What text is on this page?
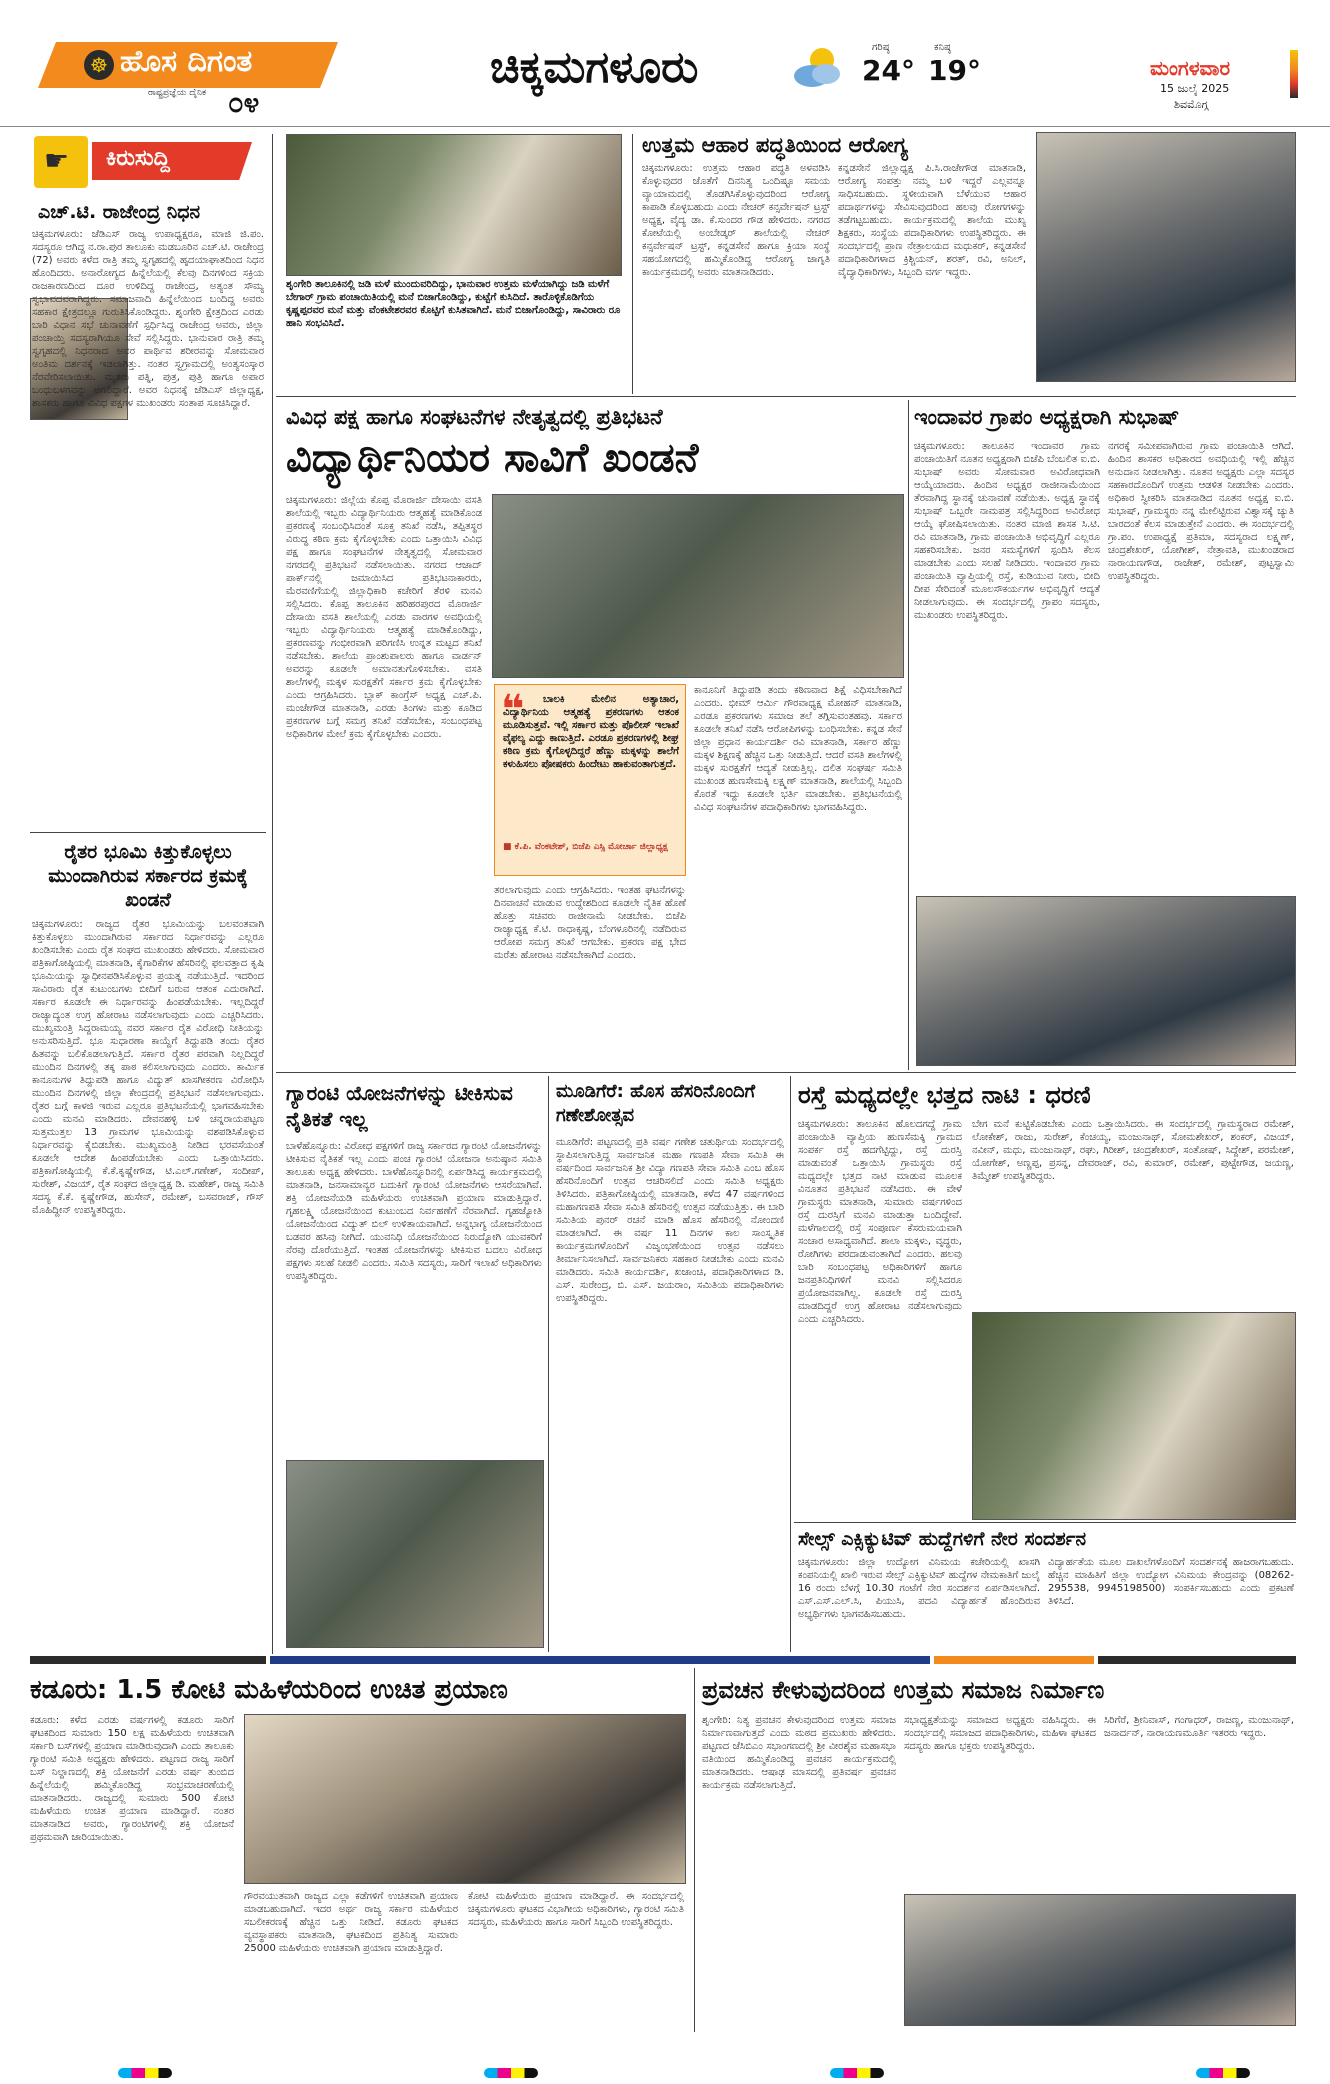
☸ ಹೊಸ ದಿಗಂತ
ರಾಷ್ಟ್ರಪ್ರಜ್ಞೆಯ ದೈನಿಕ ೦೪
ಚಿಕ್ಕಮಗಳೂರು	ಗರಿಷ್ಠ
24°
ಕನಿಷ್ಠ
19°	ಮಂಗಳವಾರ
15 ಜುಲೈ 2025
ಶಿವಮೊಗ್ಗ
☛ ಕಿರುಸುದ್ದಿ
ಎಚ್.ಟಿ. ರಾಜೇಂದ್ರ ನಿಧನ
ಚಿಕ್ಕಮಗಳೂರು: ಜೆಡಿಎಸ್ ರಾಜ್ಯ ಉಪಾಧ್ಯಕ್ಷರೂ, ಮಾಜಿ ಜಿ.ಪಂ. ಸದಸ್ಯರೂ ಆಗಿದ್ದ ನ.ರಾ.ಪುರ ತಾಲೂಕು ಮಡಬೂರಿನ ಎಚ್.ಟಿ. ರಾಜೇಂದ್ರ (72) ಅವರು ಕಳೆದ ರಾತ್ರಿ ತಮ್ಮ ಸ್ವಗೃಹದಲ್ಲಿ ಹೃದಯಾಘಾತದಿಂದ ನಿಧನ ಹೊಂದಿದರು. ಅನಾರೋಗ್ಯದ ಹಿನ್ನೆಲೆಯಲ್ಲಿ ಕೆಲವು ದಿನಗಳಿಂದ ಸಕ್ರಿಯ ರಾಜಕಾರಣದಿಂದ ದೂರ ಉಳಿದಿದ್ದ ರಾಜೇಂದ್ರ, ಅತ್ಯಂತ ಸೌಮ್ಯ ಸ್ವಭಾವದವರಾಗಿದ್ದರು. ಸಮಾಜವಾದಿ ಹಿನ್ನೆಲೆಯಿಂದ ಬಂದಿದ್ದ ಅವರು ಸಹಕಾರ ಕ್ಷೇತ್ರದಲ್ಲೂ ಗುರುತಿಸಿಕೊಂಡಿದ್ದರು. ಶೃಂಗೇರಿ ಕ್ಷೇತ್ರದಿಂದ ಎರಡು ಬಾರಿ ವಿಧಾನ ಸಭೆ ಚುನಾವಣೆಗೆ ಸ್ಪರ್ಧಿಸಿದ್ದ ರಾಜೇಂದ್ರ ಅವರು, ಜಿಲ್ಲಾ ಪಂಚಾಯ್ತಿ ಸದಸ್ಯರಾಗಿಯೂ ಸೇವೆ ಸಲ್ಲಿಸಿದ್ದರು. ಭಾನುವಾರ ರಾತ್ರಿ ತಮ್ಮ ಸ್ವಗೃಹದಲ್ಲಿ ನಿಧನರಾದ ಅವರ ಪಾರ್ಥಿವ ಶರೀರವನ್ನು ಸೋಮವಾರ ಅಂತಿಮ ದರ್ಶನಕ್ಕೆ ಇಡಲಾಗಿತ್ತು. ನಂತರ ಸ್ವಗ್ರಾಮದಲ್ಲಿ ಅಂತ್ಯಸಂಸ್ಕಾರ ನೆರವೇರಿಸಲಾಯಿತು. ಮೃತರು ಪತ್ನಿ, ಪುತ್ರ, ಪುತ್ರಿ ಹಾಗೂ ಅಪಾರ ಬಂಧುಬಳಗವನ್ನು ಅಗಲಿದ್ದಾರೆ. ಅವರ ನಿಧನಕ್ಕೆ ಜೆಡಿಎಸ್ ಜಿಲ್ಲಾಧ್ಯಕ್ಷ, ಶಾಸಕರು ಹಾಗೂ ವಿವಿಧ ಪಕ್ಷಗಳ ಮುಖಂಡರು ಸಂತಾಪ ಸೂಚಿಸಿದ್ದಾರೆ.
ರೈತರ ಭೂಮಿ ಕಿತ್ತುಕೊಳ್ಳಲು ಮುಂದಾಗಿರುವ ಸರ್ಕಾರದ ಕ್ರಮಕ್ಕೆ ಖಂಡನೆ
ಚಿಕ್ಕಮಗಳೂರು: ರಾಜ್ಯದ ರೈತರ ಭೂಮಿಯನ್ನು ಬಲವಂತವಾಗಿ ಕಿತ್ತುಕೊಳ್ಳಲು ಮುಂದಾಗಿರುವ ಸರ್ಕಾರದ ನಿರ್ಧಾರವನ್ನು ಎಲ್ಲರೂ ಖಂಡಿಸಬೇಕು ಎಂದು ರೈತ ಸಂಘದ ಮುಖಂಡರು ಹೇಳಿದರು. ಸೋಮವಾರ ಪತ್ರಿಕಾಗೋಷ್ಠಿಯಲ್ಲಿ ಮಾತನಾಡಿ, ಕೈಗಾರಿಕೆಗಳ ಹೆಸರಿನಲ್ಲಿ ಫಲವತ್ತಾದ ಕೃಷಿ ಭೂಮಿಯನ್ನು ಸ್ವಾಧೀನಪಡಿಸಿಕೊಳ್ಳುವ ಪ್ರಯತ್ನ ನಡೆಯುತ್ತಿದೆ. ಇದರಿಂದ ಸಾವಿರಾರು ರೈತ ಕುಟುಂಬಗಳು ಬೀದಿಗೆ ಬರುವ ಆತಂಕ ಎದುರಾಗಿದೆ. ಸರ್ಕಾರ ಕೂಡಲೇ ಈ ನಿರ್ಧಾರವನ್ನು ಹಿಂಪಡೆಯಬೇಕು. ಇಲ್ಲದಿದ್ದರೆ ರಾಜ್ಯಾದ್ಯಂತ ಉಗ್ರ ಹೋರಾಟ ನಡೆಸಲಾಗುವುದು ಎಂದು ಎಚ್ಚರಿಸಿದರು. ಮುಖ್ಯಮಂತ್ರಿ ಸಿದ್ದರಾಮಯ್ಯ ನವರ ಸರ್ಕಾರ ರೈತ ವಿರೋಧಿ ನೀತಿಯನ್ನು ಅನುಸರಿಸುತ್ತಿದೆ. ಭೂ ಸುಧಾರಣಾ ಕಾಯ್ದೆಗೆ ತಿದ್ದುಪಡಿ ತಂದು ರೈತರ ಹಿತವನ್ನು ಬಲಿಕೊಡಲಾಗುತ್ತಿದೆ. ಸರ್ಕಾರ ರೈತರ ಪರವಾಗಿ ನಿಲ್ಲದಿದ್ದರೆ ಮುಂದಿನ ದಿನಗಳಲ್ಲಿ ತಕ್ಕ ಪಾಠ ಕಲಿಸಲಾಗುವುದು ಎಂದರು. ಕಾರ್ಮಿಕ ಕಾನೂನುಗಳ ತಿದ್ದುಪಡಿ ಹಾಗೂ ವಿದ್ಯುತ್ ಖಾಸಗೀಕರಣ ವಿರೋಧಿಸಿ ಮುಂದಿನ ದಿನಗಳಲ್ಲಿ ಜಿಲ್ಲಾ ಕೇಂದ್ರದಲ್ಲಿ ಪ್ರತಿಭಟನೆ ನಡೆಸಲಾಗುವುದು. ರೈತರ ಬಗ್ಗೆ ಕಾಳಜಿ ಇರುವ ಎಲ್ಲರೂ ಪ್ರತಿಭಟನೆಯಲ್ಲಿ ಭಾಗವಹಿಸಬೇಕು ಎಂದು ಮನವಿ ಮಾಡಿದರು. ದೇವನಹಳ್ಳಿ ಬಳಿ ಚನ್ನರಾಯಪಟ್ಟಣ ಸುತ್ತಮುತ್ತಲ 13 ಗ್ರಾಮಗಳ ಭೂಮಿಯನ್ನು ವಶಪಡಿಸಿಕೊಳ್ಳುವ ನಿರ್ಧಾರವನ್ನು ಕೈಬಿಡಬೇಕು. ಮುಖ್ಯಮಂತ್ರಿ ನೀಡಿದ ಭರವಸೆಯಂತೆ ಕೂಡಲೇ ಆದೇಶ ಹಿಂಪಡೆಯಬೇಕು ಎಂದು ಒತ್ತಾಯಿಸಿದರು. ಪತ್ರಿಕಾಗೋಷ್ಠಿಯಲ್ಲಿ ಕೆ.ಕೆ.ಕೃಷ್ಣೇಗೌಡ, ಟಿ.ಎಲ್.ಗಣೇಶ್, ಸಂದೀಪ್, ಸುರೇಶ್, ವಿಜಯ್, ರೈತ ಸಂಘದ ಜಿಲ್ಲಾಧ್ಯಕ್ಷ ಡಿ. ಮಹೇಶ್, ರಾಜ್ಯ ಸಮಿತಿ ಸದಸ್ಯ ಕೆ.ಕೆ. ಕೃಷ್ಣೇಗೌಡ, ಹುಸೇನ್, ರಮೇಶ್, ಬಸವರಾಜ್, ಗೌಸ್ ಮೊಹಿದ್ದೀನ್ ಉಪಸ್ಥಿತರಿದ್ದರು.
ಶೃಂಗೇರಿ ತಾಲೂಕಿನಲ್ಲಿ ಜಡಿ ಮಳೆ ಮುಂದುವರಿದಿದ್ದು, ಭಾನುವಾರ ಉತ್ತಮ ಮಳೆಯಾಗಿದ್ದು ಜಡಿ ಮಳೆಗೆ ಬೇಗಾರ್ ಗ್ರಾಮ ಪಂಚಾಯಿತಿಯಲ್ಲಿ ಮನೆ ಬಿಜಾಗೊಂಡಿದ್ದು, ಕುಟ್ಟೆಗೆ ಕುಸಿದಿದೆ. ತಾರೊಳ್ಳಿಕೊಡಿಗೆಯ ಕೃಷ್ಣಪ್ಪರವರ ಮನೆ ಮತ್ತು ವೆಂಕಟೇಶರವರ ಕೊಟ್ಟಿಗೆ ಕುಸಿತವಾಗಿದೆ. ಮನೆ ಬಿಜಾಗೊಂಡಿದ್ದು, ಸಾವಿರಾರು ರೂ ಹಾನಿ ಸಂಭವಿಸಿದೆ.
ಉತ್ತಮ ಆಹಾರ ಪದ್ಧತಿಯಿಂದ ಆರೋಗ್ಯ
ಚಿಕ್ಕಮಗಳೂರು: ಉತ್ತಮ ಆಹಾರ ಪದ್ಧತಿ ಅಳವಡಿಸಿ ಕೊಳ್ಳುವುದರ ಜೊತೆಗೆ ದಿನನಿತ್ಯ ಒಂದಿಷ್ಟೂ ಸಮಯ ವ್ಯಾಯಾಮದಲ್ಲಿ ತೊಡಗಿಸಿಕೊಳ್ಳುವುದರಿಂದ ಆರೋಗ್ಯ ಕಾಪಾಡಿ ಕೊಳ್ಳಬಹುದು ಎಂದು ನೇಚರ್ ಕನ್ಸರ್ವೇಷನ್ ಟ್ರಸ್ಟ್ ಅಧ್ಯಕ್ಷ, ವೈದ್ಯ ಡಾ. ಕೆ.ಸುಂದರ ಗೌಡ ಹೇಳಿದರು. ನಗರದ ಕೋಟೆಯಲ್ಲಿ ಅಂಬೇಡ್ಕರ್ ಶಾಲೆಯಲ್ಲಿ ನೇಚರ್ ಕನ್ಸರ್ವೇಷನ್ ಟ್ರಸ್ಟ್, ಕನ್ನಡಸೇನೆ ಹಾಗೂ ಕ್ರಿಯಾ ಸಂಸ್ಥೆ ಸಹಯೋಗದಲ್ಲಿ ಹಮ್ಮಿಕೊಂಡಿದ್ದ ಆರೋಗ್ಯ ಜಾಗೃತಿ ಕಾರ್ಯಕ್ರಮದಲ್ಲಿ ಅವರು ಮಾತನಾಡಿದರು.
ಕನ್ನಡಸೇನೆ ಜಿಲ್ಲಾಧ್ಯಕ್ಷ ಪಿ.ಸಿ.ರಾಜೇಗೌಡ ಮಾತನಾಡಿ, ಆರೋಗ್ಯ ಸಂಪತ್ತು ನಮ್ಮ ಬಳಿ ಇದ್ದರೆ ಎಲ್ಲವನ್ನೂ ಸಾಧಿಸಬಹುದು. ಸ್ಥಳೀಯವಾಗಿ ಬೆಳೆಯುವ ಆಹಾರ ಪದಾರ್ಥಗಳನ್ನು ಸೇವಿಸುವುದರಿಂದ ಹಲವು ರೋಗಗಳನ್ನು ತಡೆಗಟ್ಟಬಹುದು. ಕಾರ್ಯಕ್ರಮದಲ್ಲಿ ಶಾಲೆಯ ಮುಖ್ಯ ಶಿಕ್ಷಕರು, ಸಂಸ್ಥೆಯ ಪದಾಧಿಕಾರಿಗಳು ಉಪಸ್ಥಿತರಿದ್ದರು. ಈ ಸಂದರ್ಭದಲ್ಲಿ ಪ್ರಾಣ ನೇತ್ರಾಲಯದ ಮಧುಕರ್, ಕನ್ನಡಸೇನೆ ಪದಾಧಿಕಾರಿಗಳಾದ ಕ್ರಿಶ್ಚಿಯನ್, ಶರತ್, ರವಿ, ಅನಿಲ್, ವೈದ್ಯಾಧಿಕಾರಿಗಳು, ಸಿಬ್ಬಂದಿ ವರ್ಗ ಇದ್ದರು.
ವಿವಿಧ ಪಕ್ಷ ಹಾಗೂ ಸಂಘಟನೆಗಳ ನೇತೃತ್ವದಲ್ಲಿ ಪ್ರತಿಭಟನೆ
ವಿದ್ಯಾರ್ಥಿನಿಯರ ಸಾವಿಗೆ ಖಂಡನೆ
ಚಿಕ್ಕಮಗಳೂರು: ಜಿಲ್ಲೆಯ ಕೊಪ್ಪ ಮೊರಾರ್ಜಿ ದೇಸಾಯಿ ವಸತಿ ಶಾಲೆಯಲ್ಲಿ ಇಬ್ಬರು ವಿದ್ಯಾರ್ಥಿನಿಯರು ಆತ್ಮಹತ್ಯೆ ಮಾಡಿಕೊಂಡ ಪ್ರಕರಣಕ್ಕೆ ಸಂಬಂಧಿಸಿದಂತೆ ಸೂಕ್ತ ತನಿಖೆ ನಡೆಸಿ, ತಪ್ಪಿತಸ್ಥರ ವಿರುದ್ಧ ಕಠಿಣ ಕ್ರಮ ಕೈಗೊಳ್ಳಬೇಕು ಎಂದು ಒತ್ತಾಯಿಸಿ ವಿವಿಧ ಪಕ್ಷ ಹಾಗೂ ಸಂಘಟನೆಗಳ ನೇತೃತ್ವದಲ್ಲಿ ಸೋಮವಾರ ನಗರದಲ್ಲಿ ಪ್ರತಿಭಟನೆ ನಡೆಸಲಾಯಿತು. ನಗರದ ಆಜಾದ್ ಪಾರ್ಕ್‌ನಲ್ಲಿ ಜಮಾಯಿಸಿದ ಪ್ರತಿಭಟನಾಕಾರರು, ಮೆರವಣಿಗೆಯಲ್ಲಿ ಜಿಲ್ಲಾಧಿಕಾರಿ ಕಚೇರಿಗೆ ತೆರಳಿ ಮನವಿ ಸಲ್ಲಿಸಿದರು. ಕೊಪ್ಪ ತಾಲೂಕಿನ ಹರಿಹರಪುರದ ಮೊರಾರ್ಜಿ ದೇಸಾಯಿ ವಸತಿ ಶಾಲೆಯಲ್ಲಿ ಎರಡು ವಾರಗಳ ಅವಧಿಯಲ್ಲಿ ಇಬ್ಬರು ವಿದ್ಯಾರ್ಥಿನಿಯರು ಆತ್ಮಹತ್ಯೆ ಮಾಡಿಕೊಂಡಿದ್ದು, ಪ್ರಕರಣವನ್ನು ಗಂಭೀರವಾಗಿ ಪರಿಗಣಿಸಿ ಉನ್ನತ ಮಟ್ಟದ ತನಿಖೆ ನಡೆಸಬೇಕು. ಶಾಲೆಯ ಪ್ರಾಂಶುಪಾಲರು ಹಾಗೂ ವಾರ್ಡನ್ ಅವರನ್ನು ಕೂಡಲೇ ಅಮಾನತುಗೊಳಿಸಬೇಕು. ವಸತಿ ಶಾಲೆಗಳಲ್ಲಿ ಮಕ್ಕಳ ಸುರಕ್ಷತೆಗೆ ಸರ್ಕಾರ ಕ್ರಮ ಕೈಗೊಳ್ಳಬೇಕು ಎಂದು ಆಗ್ರಹಿಸಿದರು. ಬ್ಲಾಕ್ ಕಾಂಗ್ರೆಸ್ ಅಧ್ಯಕ್ಷ ಎಚ್.ಪಿ. ಮಂಜೇಗೌಡ ಮಾತನಾಡಿ, ಎರಡು ತಿಂಗಳು ಮತ್ತು ಕೂಡಿದ ಪ್ರಕರಣಗಳ ಬಗ್ಗೆ ಸಮಗ್ರ ತನಿಖೆ ನಡೆಸಬೇಕು, ಸಂಬಂಧಪಟ್ಟ ಅಧಿಕಾರಿಗಳ ಮೇಲೆ ಕ್ರಮ ಕೈಗೊಳ್ಳಬೇಕು ಎಂದರು.
❝	ಬಾಲಕಿ ಮೇಲಿನ ಅತ್ಯಾಚಾರ, ವಿದ್ಯಾರ್ಥಿನಿಯ ಆತ್ಮಹತ್ಯೆ ಪ್ರಕರಣಗಳು ಆತಂಕ ಮೂಡಿಸುತ್ತವೆ. ಇಲ್ಲಿ ಸರ್ಕಾರ ಮತ್ತು ಪೊಲೀಸ್ ಇಲಾಖೆ ವೈಫಲ್ಯ ಎದ್ದು ಕಾಣುತ್ತಿದೆ. ಎರಡೂ ಪ್ರಕರಣಗಳಲ್ಲಿ ಶೀಘ್ರ ಕಠಿಣ ಕ್ರಮ ಕೈಗೊಳ್ಳದಿದ್ದರೆ ಹೆಣ್ಣು ಮಕ್ಕಳನ್ನು ಶಾಲೆಗೆ ಕಳುಹಿಸಲು ಪೋಷಕರು ಹಿಂದೇಟು ಹಾಕುವಂತಾಗುತ್ತದೆ.
■ ಕೆ.ಪಿ. ವೆಂಕಟೇಶ್, ಬಿಜೆಪಿ ಎಸ್ಸಿ ಮೋರ್ಚಾ ಜಿಲ್ಲಾಧ್ಯಕ್ಷ
ಕಾನೂನಿಗೆ ತಿದ್ದುಪಡಿ ತಂದು ಕಠಿಣವಾದ ಶಿಕ್ಷೆ ವಿಧಿಸಬೇಕಾಗಿದೆ ಎಂದರು. ಭೀಮ್ ಆರ್ಮಿ ಗೌರವಾಧ್ಯಕ್ಷ ಮೋಹನ್ ಮಾತನಾಡಿ, ಎರಡೂ ಪ್ರಕರಣಗಳು ಸಮಾಜ ತಲೆ ತಗ್ಗಿಸುವಂತಹವು. ಸರ್ಕಾರ ಕೂಡಲೇ ತನಿಖೆ ನಡೆಸಿ ಆರೋಪಿಗಳನ್ನು ಬಂಧಿಸಬೇಕು. ಕನ್ನಡ ಸೇನೆ ಜಿಲ್ಲಾ ಪ್ರಧಾನ ಕಾರ್ಯದರ್ಶಿ ರವಿ ಮಾತನಾಡಿ, ಸರ್ಕಾರ ಹೆಣ್ಣು ಮಕ್ಕಳ ಶಿಕ್ಷಣಕ್ಕೆ ಹೆಚ್ಚಿನ ಒತ್ತು ನೀಡುತ್ತಿದೆ. ಆದರೆ ವಸತಿ ಶಾಲೆಗಳಲ್ಲಿ ಮಕ್ಕಳ ಸುರಕ್ಷತೆಗೆ ಆದ್ಯತೆ ನೀಡುತ್ತಿಲ್ಲ. ದಲಿತ ಸಂಘರ್ಷ ಸಮಿತಿ ಮುಖಂಡ ಹುಣಸೇಮಕ್ಕಿ ಲಕ್ಷ್ಮಣ್ ಮಾತನಾಡಿ, ಶಾಲೆಯಲ್ಲಿ ಸಿಬ್ಬಂದಿ ಕೊರತೆ ಇದ್ದು ಕೂಡಲೇ ಭರ್ತಿ ಮಾಡಬೇಕು. ಪ್ರತಿಭಟನೆಯಲ್ಲಿ ವಿವಿಧ ಸಂಘಟನೆಗಳ ಪದಾಧಿಕಾರಿಗಳು ಭಾಗವಹಿಸಿದ್ದರು.
ತರಲಾಗುವುದು ಎಂದು ಆಗ್ರಹಿಸಿದರು. ಇಂತಹ ಘಟನೆಗಳನ್ನು ದಿನವಾಚನೆ ಮಾಡುವ ಉದ್ದೇಶದಿಂದ ಕೂಡಲೇ ನೈತಿಕ ಹೊಣೆ ಹೊತ್ತು ಸಚಿವರು ರಾಜೀನಾಮೆ ನೀಡಬೇಕು. ಬಿಜೆಪಿ ರಾಜ್ಯಾಧ್ಯಕ್ಷ ಕೆ.ಟಿ. ರಾಧಾಕೃಷ್ಣ, ಬೆಂಗಳೂರಿನಲ್ಲಿ ನಡೆದಿರುವ ಆರೋಪ ಸಮಗ್ರ ತನಿಖೆ ಆಗಬೇಕು. ಪ್ರಕರಣ ಪಕ್ಷ ಭೇದ ಮರೆತು ಹೋರಾಟ ನಡೆಸಬೇಕಾಗಿದೆ ಎಂದರು.
ಇಂದಾವರ ಗ್ರಾಪಂ ಅಧ್ಯಕ್ಷರಾಗಿ ಸುಭಾಷ್
ಚಿಕ್ಕಮಗಳೂರು: ತಾಲೂಕಿನ ಇಂದಾವರ ಗ್ರಾಮ ಪಂಚಾಯಿತಿಗೆ ನೂತನ ಅಧ್ಯಕ್ಷರಾಗಿ ಬಿಜೆಪಿ ಬೆಂಬಲಿತ ಐ.ಬಿ. ಸುಭಾಷ್ ಅವರು ಸೋಮವಾರ ಅವಿರೋಧವಾಗಿ ಆಯ್ಕೆಯಾದರು. ಹಿಂದಿನ ಅಧ್ಯಕ್ಷರ ರಾಜೀನಾಮೆಯಿಂದ ತೆರವಾಗಿದ್ದ ಸ್ಥಾನಕ್ಕೆ ಚುನಾವಣೆ ನಡೆಯಿತು. ಅಧ್ಯಕ್ಷ ಸ್ಥಾನಕ್ಕೆ ಸುಭಾಷ್ ಒಬ್ಬರೇ ನಾಮಪತ್ರ ಸಲ್ಲಿಸಿದ್ದರಿಂದ ಅವಿರೋಧ ಆಯ್ಕೆ ಘೋಷಿಸಲಾಯಿತು. ನಂತರ ಮಾಜಿ ಶಾಸಕ ಸಿ.ಟಿ. ರವಿ ಮಾತನಾಡಿ, ಗ್ರಾಮ ಪಂಚಾಯಿತಿ ಅಭಿವೃದ್ಧಿಗೆ ಎಲ್ಲರೂ ಸಹಕರಿಸಬೇಕು. ಜನರ ಸಮಸ್ಯೆಗಳಿಗೆ ಸ್ಪಂದಿಸಿ ಕೆಲಸ ಮಾಡಬೇಕು ಎಂದು ಸಲಹೆ ನೀಡಿದರು. ಇಂದಾವರ ಗ್ರಾಮ ಪಂಚಾಯಿತಿ ವ್ಯಾಪ್ತಿಯಲ್ಲಿ ರಸ್ತೆ, ಕುಡಿಯುವ ನೀರು, ಬೀದಿ ದೀಪ ಸೇರಿದಂತೆ ಮೂಲಸೌಕರ್ಯಗಳ ಅಭಿವೃದ್ಧಿಗೆ ಆದ್ಯತೆ ನೀಡಲಾಗುವುದು. ಈ ಸಂದರ್ಭದಲ್ಲಿ ಗ್ರಾಪಂ ಸದಸ್ಯರು, ಮುಖಂಡರು ಉಪಸ್ಥಿತರಿದ್ದರು.
ನಗರಕ್ಕೆ ಸಮೀಪವಾಗಿರುವ ಗ್ರಾಮ ಪಂಚಾಯಿತಿ ಆಗಿದೆ. ಹಿಂದಿನ ಶಾಸಕರ ಅಧಿಕಾರದ ಅವಧಿಯಲ್ಲಿ ಇಲ್ಲಿ ಹೆಚ್ಚಿನ ಅನುದಾನ ನೀಡಲಾಗಿತ್ತು. ನೂತನ ಅಧ್ಯಕ್ಷರು ಎಲ್ಲಾ ಸದಸ್ಯರ ಸಹಕಾರದೊಂದಿಗೆ ಉತ್ತಮ ಆಡಳಿತ ನೀಡಬೇಕು ಎಂದರು. ಅಧಿಕಾರ ಸ್ವೀಕರಿಸಿ ಮಾತನಾಡಿದ ನೂತನ ಅಧ್ಯಕ್ಷ ಐ.ಬಿ. ಸುಭಾಷ್, ಗ್ರಾಮಸ್ಥರು ನನ್ನ ಮೇಲಿಟ್ಟಿರುವ ವಿಶ್ವಾಸಕ್ಕೆ ಚ್ಯುತಿ ಬಾರದಂತೆ ಕೆಲಸ ಮಾಡುತ್ತೇನೆ ಎಂದರು. ಈ ಸಂದರ್ಭದಲ್ಲಿ ಗ್ರಾ.ಪಂ. ಉಪಾಧ್ಯಕ್ಷೆ ಪ್ರತಿಮಾ, ಸದಸ್ಯರಾದ ಲಕ್ಷ್ಮಣ್, ಚಂದ್ರಶೇಖರ್, ಯೋಗೀಶ್, ನೇತ್ರಾವತಿ, ಮುಖಂಡರಾದ ನಾರಾಯಣಗೌಡ, ರಾಜೇಶ್, ರಮೇಶ್, ಪುಟ್ಟಸ್ವಾಮಿ ಉಪಸ್ಥಿತರಿದ್ದರು.
ಗ್ಯಾರಂಟಿ ಯೋಜನೆಗಳನ್ನು ಟೀಕಿಸುವ ನೈತಿಕತೆ ಇಲ್ಲ
ಬಾಳೆಹೊನ್ನೂರು: ವಿರೋಧ ಪಕ್ಷಗಳಿಗೆ ರಾಜ್ಯ ಸರ್ಕಾರದ ಗ್ಯಾರಂಟಿ ಯೋಜನೆಗಳನ್ನು ಟೀಕಿಸುವ ನೈತಿಕತೆ ಇಲ್ಲ ಎಂದು ಪಂಚ ಗ್ಯಾರಂಟಿ ಯೋಜನಾ ಅನುಷ್ಠಾನ ಸಮಿತಿ ತಾಲೂಕು ಅಧ್ಯಕ್ಷ ಹೇಳಿದರು. ಬಾಳೆಹೊನ್ನೂರಿನಲ್ಲಿ ಏರ್ಪಡಿಸಿದ್ದ ಕಾರ್ಯಕ್ರಮದಲ್ಲಿ ಮಾತನಾಡಿ, ಜನಸಾಮಾನ್ಯರ ಬದುಕಿಗೆ ಗ್ಯಾರಂಟಿ ಯೋಜನೆಗಳು ಆಸರೆಯಾಗಿವೆ. ಶಕ್ತಿ ಯೋಜನೆಯಡಿ ಮಹಿಳೆಯರು ಉಚಿತವಾಗಿ ಪ್ರಯಾಣ ಮಾಡುತ್ತಿದ್ದಾರೆ. ಗೃಹಲಕ್ಷ್ಮಿ ಯೋಜನೆಯಿಂದ ಕುಟುಂಬದ ನಿರ್ವಹಣೆಗೆ ನೆರವಾಗಿದೆ. ಗೃಹಜ್ಯೋತಿ ಯೋಜನೆಯಿಂದ ವಿದ್ಯುತ್ ಬಿಲ್ ಉಳಿತಾಯವಾಗಿದೆ. ಅನ್ನಭಾಗ್ಯ ಯೋಜನೆಯಿಂದ ಬಡವರ ಹಸಿವು ನೀಗಿದೆ. ಯುವನಿಧಿ ಯೋಜನೆಯಿಂದ ನಿರುದ್ಯೋಗಿ ಯುವಕರಿಗೆ ನೆರವು ದೊರೆಯುತ್ತಿದೆ. ಇಂತಹ ಯೋಜನೆಗಳನ್ನು ಟೀಕಿಸುವ ಬದಲು ವಿರೋಧ ಪಕ್ಷಗಳು ಸಲಹೆ ನೀಡಲಿ ಎಂದರು. ಸಮಿತಿ ಸದಸ್ಯರು, ಸಾರಿಗೆ ಇಲಾಖೆ ಅಧಿಕಾರಿಗಳು ಉಪಸ್ಥಿತರಿದ್ದರು.
ಮೂಡಿಗೆರೆ: ಹೊಸ ಹೆಸರಿನೊಂದಿಗೆ ಗಣೇಶೋತ್ಸವ
ಮೂಡಿಗೆರೆ: ಪಟ್ಟಣದಲ್ಲಿ ಪ್ರತಿ ವರ್ಷ ಗಣೇಶ ಚತುರ್ಥಿಯ ಸಂದರ್ಭದಲ್ಲಿ ಸ್ಥಾಪಿಸಲಾಗುತ್ತಿದ್ದ ಸಾರ್ವಜನಿಕ ಮಹಾ ಗಣಪತಿ ಸೇವಾ ಸಮಿತಿ ಈ ವರ್ಷದಿಂದ ಸಾರ್ವಜನಿಕ ಶ್ರೀ ವಿದ್ಯಾ ಗಣಪತಿ ಸೇವಾ ಸಮಿತಿ ಎಂಬ ಹೊಸ ಹೆಸರಿನೊಂದಿಗೆ ಉತ್ಸವ ಆಚರಿಸಲಿದೆ ಎಂದು ಸಮಿತಿ ಅಧ್ಯಕ್ಷರು ತಿಳಿಸಿದರು. ಪತ್ರಿಕಾಗೋಷ್ಠಿಯಲ್ಲಿ ಮಾತನಾಡಿ, ಕಳೆದ 47 ವರ್ಷಗಳಿಂದ ಮಹಾಗಣಪತಿ ಸೇವಾ ಸಮಿತಿ ಹೆಸರಿನಲ್ಲಿ ಉತ್ಸವ ನಡೆಯುತ್ತಿತ್ತು. ಈ ಬಾರಿ ಸಮಿತಿಯ ಪುನರ್ ರಚನೆ ಮಾಡಿ ಹೊಸ ಹೆಸರಿನಲ್ಲಿ ನೋಂದಣಿ ಮಾಡಲಾಗಿದೆ. ಈ ವರ್ಷ 11 ದಿನಗಳ ಕಾಲ ಸಾಂಸ್ಕೃತಿಕ ಕಾರ್ಯಕ್ರಮಗಳೊಂದಿಗೆ ವಿಜೃಂಭಣೆಯಿಂದ ಉತ್ಸವ ನಡೆಸಲು ತೀರ್ಮಾನಿಸಲಾಗಿದೆ. ಸಾರ್ವಜನಿಕರು ಸಹಕಾರ ನೀಡಬೇಕು ಎಂದು ಮನವಿ ಮಾಡಿದರು. ಸಮಿತಿ ಕಾರ್ಯದರ್ಶಿ, ಖಜಾಂಚಿ, ಪದಾಧಿಕಾರಿಗಳಾದ ಡಿ. ಎಸ್. ಸುರೇಂದ್ರ, ಬಿ. ಎಸ್. ಜಯರಾಂ, ಸಮಿತಿಯ ಪದಾಧಿಕಾರಿಗಳು ಉಪಸ್ಥಿತರಿದ್ದರು.
ರಸ್ತೆ ಮಧ್ಯದಲ್ಲೇ ಭತ್ತದ ನಾಟಿ : ಧರಣಿ
ಚಿಕ್ಕಮಗಳೂರು: ತಾಲೂಕಿನ ಹೊಲದಗದ್ದೆ ಗ್ರಾಮ ಪಂಚಾಯಿತಿ ವ್ಯಾಪ್ತಿಯ ಹುಣಸೆಮಕ್ಕಿ ಗ್ರಾಮದ ಸಂಪರ್ಕ ರಸ್ತೆ ಹದಗೆಟ್ಟಿದ್ದು, ರಸ್ತೆ ದುರಸ್ತಿ ಮಾಡುವಂತೆ ಒತ್ತಾಯಿಸಿ ಗ್ರಾಮಸ್ಥರು ರಸ್ತೆ ಮಧ್ಯದಲ್ಲೇ ಭತ್ತದ ನಾಟಿ ಮಾಡುವ ಮೂಲಕ ವಿನೂತನ ಪ್ರತಿಭಟನೆ ನಡೆಸಿದರು. ಈ ವೇಳೆ ಗ್ರಾಮಸ್ಥರು ಮಾತನಾಡಿ, ಸುಮಾರು ವರ್ಷಗಳಿಂದ ರಸ್ತೆ ದುರಸ್ತಿಗೆ ಮನವಿ ಮಾಡುತ್ತಾ ಬಂದಿದ್ದೇವೆ. ಮಳೆಗಾಲದಲ್ಲಿ ರಸ್ತೆ ಸಂಪೂರ್ಣ ಕೆಸರುಮಯವಾಗಿ ಸಂಚಾರ ಅಸಾಧ್ಯವಾಗಿದೆ. ಶಾಲಾ ಮಕ್ಕಳು, ವೃದ್ಧರು, ರೋಗಿಗಳು ಪರದಾಡುವಂತಾಗಿದೆ ಎಂದರು. ಹಲವು ಬಾರಿ ಸಂಬಂಧಪಟ್ಟ ಅಧಿಕಾರಿಗಳಿಗೆ ಹಾಗೂ ಜನಪ್ರತಿನಿಧಿಗಳಿಗೆ ಮನವಿ ಸಲ್ಲಿಸಿದರೂ ಪ್ರಯೋಜನವಾಗಿಲ್ಲ. ಕೂಡಲೇ ರಸ್ತೆ ದುರಸ್ತಿ ಮಾಡದಿದ್ದರೆ ಉಗ್ರ ಹೋರಾಟ ನಡೆಸಲಾಗುವುದು ಎಂದು ಎಚ್ಚರಿಸಿದರು.
ಬೇಗ ಮನೆ ಕುಟ್ಟಿಕೊಡಬೇಕು ಎಂದು ಒತ್ತಾಯಿಸಿದರು. ಈ ಸಂದರ್ಭದಲ್ಲಿ ಗ್ರಾಮಸ್ಥರಾದ ರಮೇಶ್, ಲೋಕೇಶ್, ರಾಜು, ಸುರೇಶ್, ಕೆಂಚಯ್ಯ, ಮಂಜುನಾಥ್, ಸೋಮಶೇಖರ್, ಶಂಕರ್, ವಿಜಯ್, ನವೀನ್, ಮಧು, ಮಂಜುನಾಥ್, ರಘು, ಗಿರೀಶ್, ಚಂದ್ರಶೇಖರ್, ಸಂತೋಷ್, ಸಿದ್ದೇಶ್, ಪರಮೇಶ್, ಯೋಗೇಶ್, ಅಣ್ಣಪ್ಪ, ಪ್ರಸನ್ನ, ದೇವರಾಜ್, ರವಿ, ಕುಮಾರ್, ರಮೇಶ್, ಪುಟ್ಟೇಗೌಡ, ಜಯಣ್ಣ, ತಿಮ್ಮೇಶ್ ಉಪಸ್ಥಿತರಿದ್ದರು.
ಸೇಲ್ಸ್ ಎಕ್ಸಿಕ್ಯುಟಿವ್ ಹುದ್ದೆಗಳಿಗೆ ನೇರ ಸಂದರ್ಶನ
ಚಿಕ್ಕಮಗಳೂರು: ಜಿಲ್ಲಾ ಉದ್ಯೋಗ ವಿನಿಮಯ ಕಚೇರಿಯಲ್ಲಿ ಖಾಸಗಿ ಕಂಪನಿಯಲ್ಲಿ ಖಾಲಿ ಇರುವ ಸೇಲ್ಸ್ ಎಕ್ಸಿಕ್ಯುಟಿವ್ ಹುದ್ದೆಗಳ ನೇಮಕಾತಿಗೆ ಜುಲೈ 16 ರಂದು ಬೆಳಗ್ಗೆ 10.30 ಗಂಟೆಗೆ ನೇರ ಸಂದರ್ಶನ ಏರ್ಪಡಿಸಲಾಗಿದೆ. ಎಸ್.ಎಸ್.ಎಲ್.ಸಿ, ಪಿಯುಸಿ, ಪದವಿ ವಿದ್ಯಾರ್ಹತೆ ಹೊಂದಿರುವ ಅಭ್ಯರ್ಥಿಗಳು ಭಾಗವಹಿಸಬಹುದು.
ವಿದ್ಯಾರ್ಹತೆಯ ಮೂಲ ದಾಖಲೆಗಳೊಂದಿಗೆ ಸಂದರ್ಶನಕ್ಕೆ ಹಾಜರಾಗಬಹುದು. ಹೆಚ್ಚಿನ ಮಾಹಿತಿಗೆ ಜಿಲ್ಲಾ ಉದ್ಯೋಗ ವಿನಿಮಯ ಕೇಂದ್ರವನ್ನು (08262-295538, 9945198500) ಸಂಪರ್ಕಿಸಬಹುದು ಎಂದು ಪ್ರಕಟಣೆ ತಿಳಿಸಿದೆ.
ಕಡೂರು: 1.5 ಕೋಟಿ ಮಹಿಳೆಯರಿಂದ ಉಚಿತ ಪ್ರಯಾಣ
ಕಡೂರು: ಕಳೆದ ಎರಡು ವರ್ಷಗಳಲ್ಲಿ ಕಡೂರು ಸಾರಿಗೆ ಘಟಕದಿಂದ ಸುಮಾರು 150 ಲಕ್ಷ ಮಹಿಳೆಯರು ಉಚಿತವಾಗಿ ಸರ್ಕಾರಿ ಬಸ್‌ಗಳಲ್ಲಿ ಪ್ರಯಾಣ ಮಾಡಿರುವುದಾಗಿ ಎಂದು ತಾಲೂಕು ಗ್ಯಾರಂಟಿ ಸಮಿತಿ ಅಧ್ಯಕ್ಷರು ಹೇಳಿದರು. ಪಟ್ಟಣದ ರಾಜ್ಯ ಸಾರಿಗೆ ಬಸ್ ನಿಲ್ದಾಣದಲ್ಲಿ ಶಕ್ತಿ ಯೋಜನೆಗೆ ಎರಡು ವರ್ಷ ತುಂಬಿದ ಹಿನ್ನೆಲೆಯಲ್ಲಿ ಹಮ್ಮಿಕೊಂಡಿದ್ದ ಸಂಭ್ರಮಾಚರಣೆಯಲ್ಲಿ ಮಾತನಾಡಿದರು. ರಾಜ್ಯದಲ್ಲಿ ಸುಮಾರು 500 ಕೋಟಿ ಮಹಿಳೆಯರು ಉಚಿತ ಪ್ರಯಾಣ ಮಾಡಿದ್ದಾರೆ. ನಂತರ ಮಾತನಾಡಿದ ಅವರು, ಗ್ಯಾರಂಟಿಗಳಲ್ಲಿ ಶಕ್ತಿ ಯೋಜನೆ ಪ್ರಥಮವಾಗಿ ಜಾರಿಯಾಯಿತು.
ಗೌರವಯುತವಾಗಿ ರಾಜ್ಯದ ಎಲ್ಲಾ ಕಡೆಗಳಿಗೆ ಉಚಿತವಾಗಿ ಪ್ರಯಾಣ ಮಾಡಬಹುದಾಗಿದೆ. ಇದರ ಅರ್ಥ ರಾಜ್ಯ ಸರ್ಕಾರ ಮಹಿಳೆಯರ ಸಬಲೀಕರಣಕ್ಕೆ ಹೆಚ್ಚಿನ ಒತ್ತು ನೀಡಿದೆ. ಕಡೂರು ಘಟಕದ ವ್ಯವಸ್ಥಾಪಕರು ಮಾತನಾಡಿ, ಘಟಕದಿಂದ ಪ್ರತಿನಿತ್ಯ ಸುಮಾರು 25000 ಮಹಿಳೆಯರು ಉಚಿತವಾಗಿ ಪ್ರಯಾಣ ಮಾಡುತ್ತಿದ್ದಾರೆ.
ಕೋಟಿ ಮಹಿಳೆಯರು ಪ್ರಯಾಣ ಮಾಡಿದ್ದಾರೆ. ಈ ಸಂದರ್ಭದಲ್ಲಿ ಚಿಕ್ಕಮಗಳೂರು ಘಟಕದ ವಿಭಾಗೀಯ ಅಧಿಕಾರಿಗಳು, ಗ್ಯಾರಂಟಿ ಸಮಿತಿ ಸದಸ್ಯರು, ಮಹಿಳೆಯರು ಹಾಗೂ ಸಾರಿಗೆ ಸಿಬ್ಬಂದಿ ಉಪಸ್ಥಿತರಿದ್ದರು.
ಪ್ರವಚನ ಕೇಳುವುದರಿಂದ ಉತ್ತಮ ಸಮಾಜ ನಿರ್ಮಾಣ
ಶೃಂಗೇರಿ: ನಿತ್ಯ ಪ್ರವಚನ ಕೇಳುವುದರಿಂದ ಉತ್ತಮ ಸಮಾಜ ನಿರ್ಮಾಣವಾಗುತ್ತದೆ ಎಂದು ಮಠದ ಪ್ರಮುಖರು ಹೇಳಿದರು. ಪಟ್ಟಣದ ಜೆಸಿಬಿಎಂ ಸಭಾಂಗಣದಲ್ಲಿ ಶ್ರೀ ವೀರಶೈವ ಮಹಾಸಭಾ ವತಿಯಿಂದ ಹಮ್ಮಿಕೊಂಡಿದ್ದ ಪ್ರವಚನ ಕಾರ್ಯಕ್ರಮದಲ್ಲಿ ಮಾತನಾಡಿದರು. ಆಷಾಢ ಮಾಸದಲ್ಲಿ ಪ್ರತಿವರ್ಷ ಪ್ರವಚನ ಕಾರ್ಯಕ್ರಮ ನಡೆಸಲಾಗುತ್ತಿದೆ.
ಸಭಾಧ್ಯಕ್ಷತೆಯನ್ನು ಸಮಾಜದ ಅಧ್ಯಕ್ಷರು ವಹಿಸಿದ್ದರು. ಈ ಸಂದರ್ಭದಲ್ಲಿ ಸಮಾಜದ ಪದಾಧಿಕಾರಿಗಳು, ಮಹಿಳಾ ಘಟಕದ ಸದಸ್ಯರು ಹಾಗೂ ಭಕ್ತರು ಉಪಸ್ಥಿತರಿದ್ದರು.
ಸಿರಿಗೆರೆ, ಶ್ರೀನಿವಾಸ್, ಗಂಗಾಧರ್, ರಾಜಣ್ಣ, ಮಂಜುನಾಥ್, ಜನಾರ್ದನ್, ನಾರಾಯಣಮೂರ್ತಿ ಇತರರು ಇದ್ದರು.
